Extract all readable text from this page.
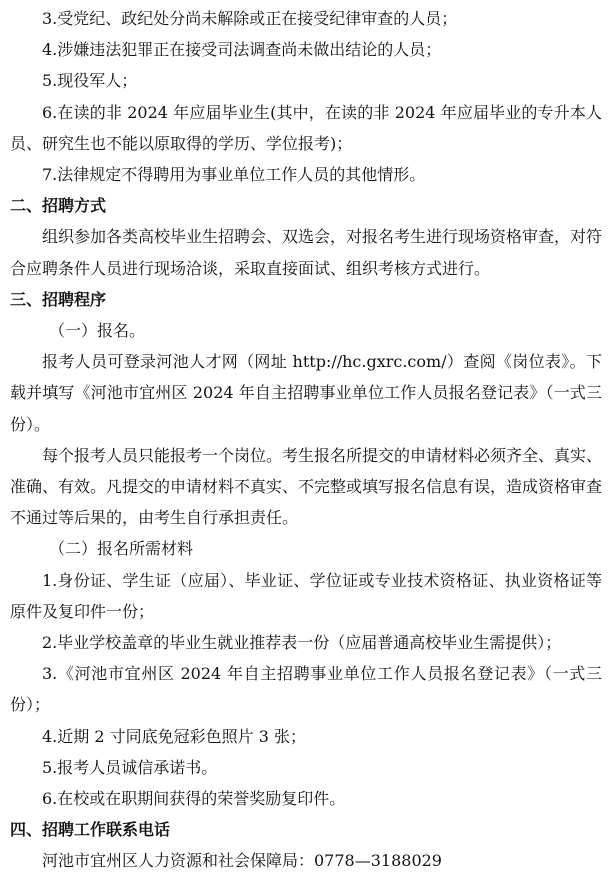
3.受党纪、政纪处分尚未解除或正在接受纪律审查的人员；
4.涉嫌违法犯罪正在接受司法调查尚未做出结论的人员；
5.现役军人；
6.在读的非 2024 年应届毕业生(其中，在读的非 2024 年应届毕业的专升本人员、研究生也不能以原取得的学历、学位报考)；
7.法律规定不得聘用为事业单位工作人员的其他情形。
二、招聘方式
组织参加各类高校毕业生招聘会、双选会，对报名考生进行现场资格审查，对符合应聘条件人员进行现场洽谈，采取直接面试、组织考核方式进行。
三、招聘程序
（一）报名。
报考人员可登录河池人才网（网址 http://hc.gxrc.com/）查阅《岗位表》。下载并填写《河池市宜州区 2024 年自主招聘事业单位工作人员报名登记表》（一式三份）。
每个报考人员只能报考一个岗位。考生报名所提交的申请材料必须齐全、真实、准确、有效。凡提交的申请材料不真实、不完整或填写报名信息有误，造成资格审查不通过等后果的，由考生自行承担责任。
（二）报名所需材料
1.身份证、学生证（应届）、毕业证、学位证或专业技术资格证、执业资格证等原件及复印件一份；
2.毕业学校盖章的毕业生就业推荐表一份（应届普通高校毕业生需提供）；
3.《河池市宜州区 2024 年自主招聘事业单位工作人员报名登记表》（一式三份）；
4.近期 2 寸同底免冠彩色照片 3 张；
5.报考人员诚信承诺书。
6.在校或在职期间获得的荣誉奖励复印件。
四、招聘工作联系电话
河池市宜州区人力资源和社会保障局：0778—3188029
